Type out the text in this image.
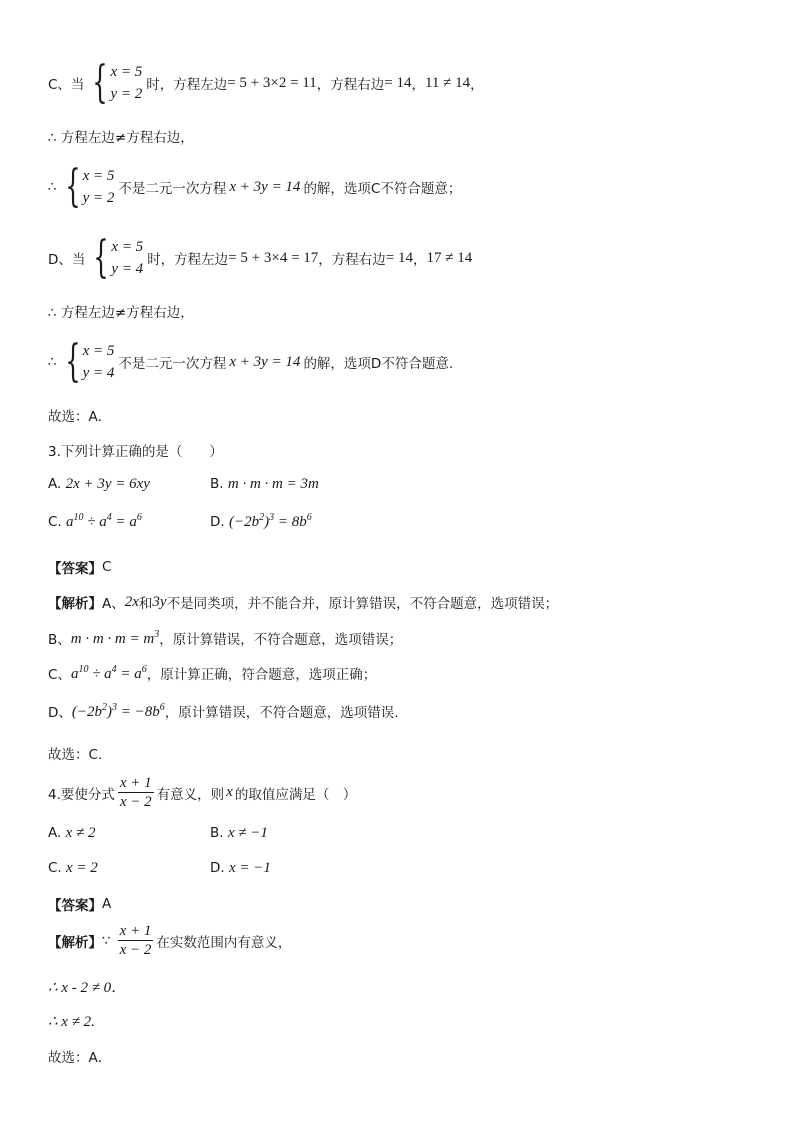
C、当 { x = 5
y = 2
时，方程左边 = 5 + 3×2 = 11 ，方程右边 = 14 ， 11 ≠ 14 ，
∴ 方程左边≠方程右边，
∴ { x = 5
y = 2
不是二元一次方程 x + 3y = 14 的解，选项C不符合题意；
D、当 { x = 5
y = 4
时，方程左边 = 5 + 3×4 = 17 ，方程右边 = 14 ， 17 ≠ 14
∴ 方程左边≠方程右边，
∴ { x = 5
y = 4
不是二元一次方程 x + 3y = 14 的解，选项D不符合题意.
故选：A．
3.下列计算正确的是（　　）
A. 2x + 3y = 6xy	B. m · m · m = 3m
C. $a^{10} \div a^4 = a^6$	D. $(-2b^2)^3 = 8b^6$
【答案】 C
【解析】 A、 2x 和 3y 不是同类项，并不能合并，原计算错误，不符合题意，选项错误；
B、 $m \cdot m \cdot m = m^3$ ，原计算错误，不符合题意，选项错误；
C、 $a^{10} \div a^4 = a^6$ ，原计算正确，符合题意，选项正确；
D、 $(-2b^2)^3 = -8b^6$ ，原计算错误，不符合题意，选项错误.
故选：C．
4.要使分式 $\frac{x + 1}{x - 2}$ 有意义，则 x 的取值应满足（　）
A. x ≠ 2	B. x ≠ −1
C. x = 2	D. x = −1
【答案】 A
【解析】 ∵ $\frac{x + 1}{x - 2}$ 在实数范围内有意义，
∴ x - 2 ≠ 0．
∴ x ≠ 2.
故选：A．
